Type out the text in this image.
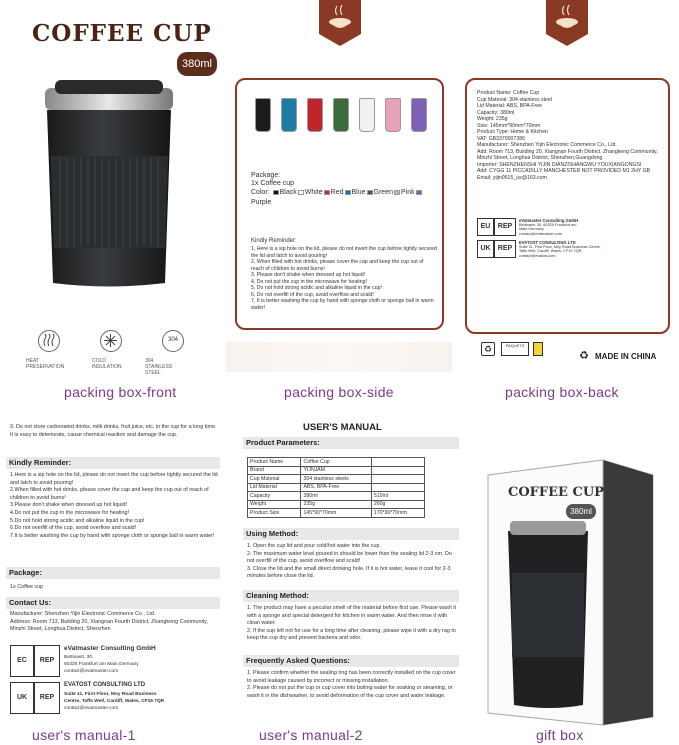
COFFEE CUP
380ml
304
HEAT PRESERVATION
COLD INSULATION
304 STAINLESS STEEL
packing box-front
Package:
1x Coffee cup
Color: Black White Red Blue Green PinkPurple
Kindly Reminder:
1, Here is a sip hole on the lid, please do not invert the cup before tightly secured the lid and latch to avoid pouring!
2, When filled with hot drinks, please cover the cap and keep the cup out of reach of children to avoid burns!
3, Please don't shake when dressed up hot liquid!
4, Do not put the cup in the microwave for heating!
5, Do not hold strong acidic and alkaline liquid in the cup!
6, Do not overfill of the cup, avoid overflow and scald!
7, It is better washing the cup by hand with sponge cloth or sponge ball in warm water!
packing box-side
Product Name: Coffee Cup
Cup Material: 304 stainless steel
Lid Material: ABS, BPA-Free
Capacity: 380ml
Weight: 235g
Size: 145mm*90mm*70mm
Product Type: Home & Kitchen
VAT: GB3370007386
Manufacturer: Shenzhen Yijin Electronic Commerce Co., Ltd.
Add: Room 713, Building 20, Xiangnan Fourth District, Zhangkeng Community, Minzhi Street, Longhua District, Shenzhen,Guangdong
Importer: SHENZHENSHI YIJIN DIANZISHANGWU YOUXIANGONGSI
Add: CYGG 11 PICCADILLY MANCHESTER NOT PROVIDED M1 2HY GB
Email: yijin0615_us@163.com
EU	REP
eVatmaster Consulting GmbH
Bettinastr. 30, 60325 Frankfurt am Main,Germany
contact@evatmaster.com
UK	REP
EVATOST CONSULTING LTD
Suite 11, First Floor, Moy Road Business Centre, Taffs Well, Cardiff, Wales, CF15 7QR
contact@evatost.com
♻	PAQUETS
♻ MADE IN CHINA
packing box-back
3. Do not store carbonated drinks, milk drinks, fruit juice, etc. in the cup for a long time. It is easy to deteriorate, cause chemical reaction and damage the cup.
Kindly Reminder:
1.Here is a sip hole on the lid, please do not invert the cup before tightly secured the lid and latch to avoid pouring!
2.When filled with hot drinks, please cover the cap and keep the cup out of reach of children to avoid burns!
3.Please don't shake when dressed up hot liquid!
4.Do not put the cup in the microwave for heating!
5.Do not hold strong acidic and alkaline liquid in the cup!
6.Do not overfill of the cup, avoid overflow and scald!
7.It is better washing the cup by hand with sponge cloth or sponge ball in warm water!
Package:
1x Coffee cup
Contact Us:
Manufacturer: Shenzhen Yijin Electronic Commerce Co., Ltd.
Address: Room 713, Building 20, Xiangnan Fourth District, Zhangkeng Community, Minzhi Street, Longhua District, Shenzhen
EC	REP
eVatmaster Consulting GmbH
Bettinastr. 30
60325 Frankfurt am Main,Germany
contact@evatmaster.com
UK	REP
EVATOST CONSULTING LTD
Suite 11, First Floor, Moy Road Business
Centre, Taffs Well, Cardiff, Wales, CF15 7QR
contact@evatmaster.com
user's manual-1
USER'S MANUAL
Product Parameters:
Product Name	Coffee Cup	
Brand	YIJNJAM	
Cup Material	304 stainless steels	
Lid Material	ABS, BPA-Free	
Capacity	380ml	510ml
Weight	235g	260g
Product Size	145*90*70mm	170*90*70mm
Using Method:
1. Open the cup lid and pour cold/hot water into the cup.
2. The maximum water level poured in should be lower than the sealing lid 2-3 cm. Do not overfill of the cup, avoid overflow and scald!
3. Close the lid and the small direct drinking hole. If it is hot water, leave it cool for 2-3 minutes before close the lid.
Cleaning Method:
1. The product may have a peculiar smell of the material before first use. Please wash it with a sponge and special detergent for kitchen in warm water. And then rinse it with clean water.
2. If the cup left not for use for a long time after cleaning, please wipe it with a dry rag to keep the cup dry and prevent bacteria and odor.
Frequently Asked Questions:
1. Please confirm whether the sealing ring has been correctly installed on the cup cover to avoid leakage caused by incorrect or missing installation.
2. Please do not put the cup or cup cover into boiling water for soaking or steaming, or wash it in the dishwasher, to avoid deformation of the cup cover and water leakage.
user's manual-2
COFFEE CUP
380ml
gift box
